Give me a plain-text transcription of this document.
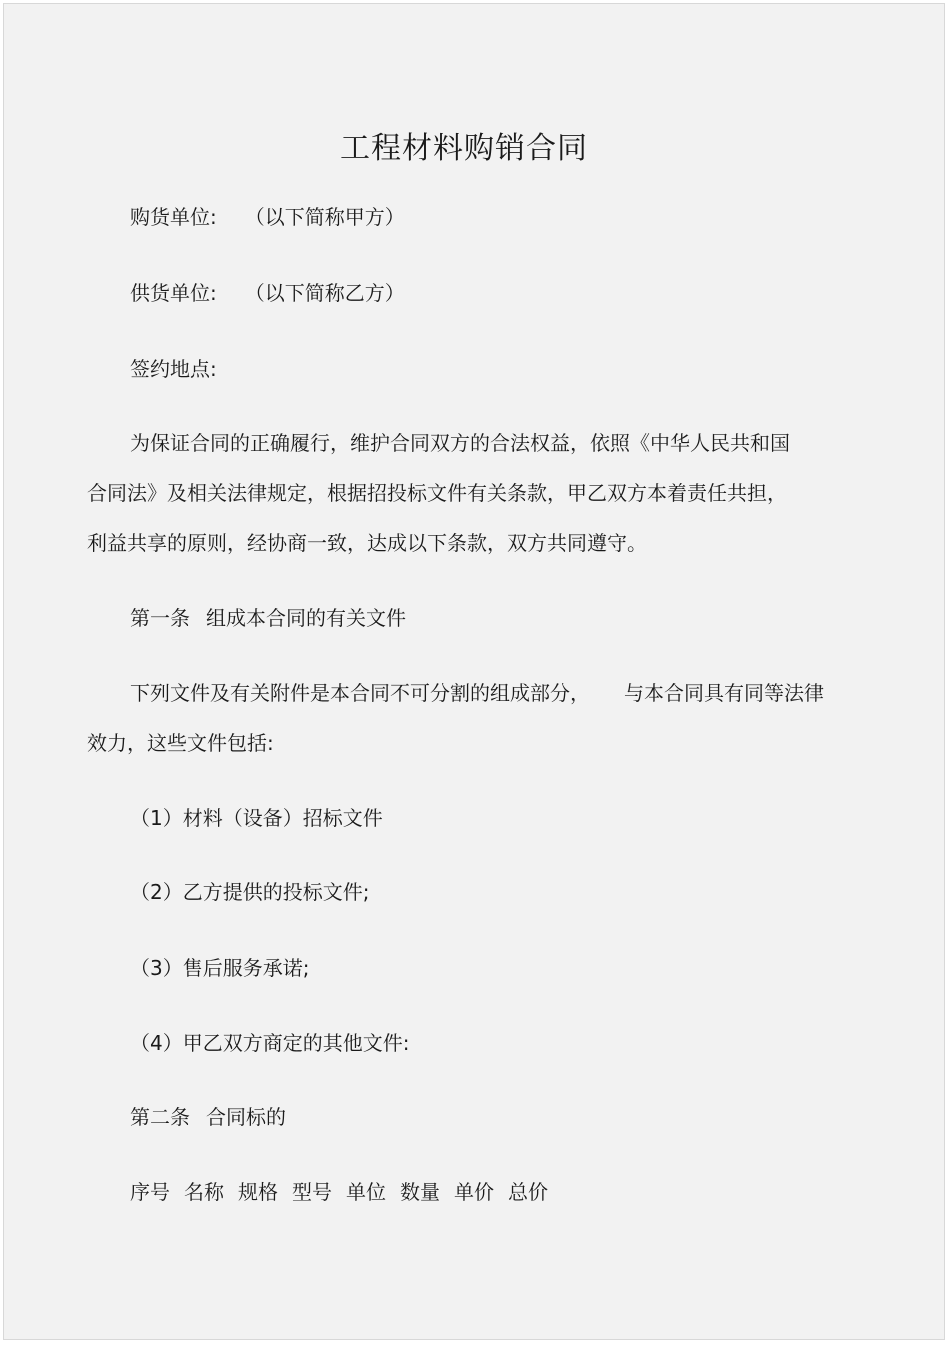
工程材料购销合同

购货单位: （以下简称甲方）

供货单位: （以下简称乙方）

签约地点:

为保证合同的正确履行，维护合同双方的合法权益，依照《中华人民共和国

合同法》及相关法律规定，根据招投标文件有关条款，甲乙双方本着责任共担，

利益共享的原则，经协商一致，达成以下条款，双方共同遵守。

第一条 组成本合同的有关文件

下列文件及有关附件是本合同不可分割的组成部分， 与本合同具有同等法律

效力，这些文件包括:

（1）材料（设备）招标文件

（2）乙方提供的投标文件;

（3）售后服务承诺;

（4）甲乙双方商定的其他文件:

第二条 合同标的

序号 名称 规格 型号 单位 数量 单价 总价
